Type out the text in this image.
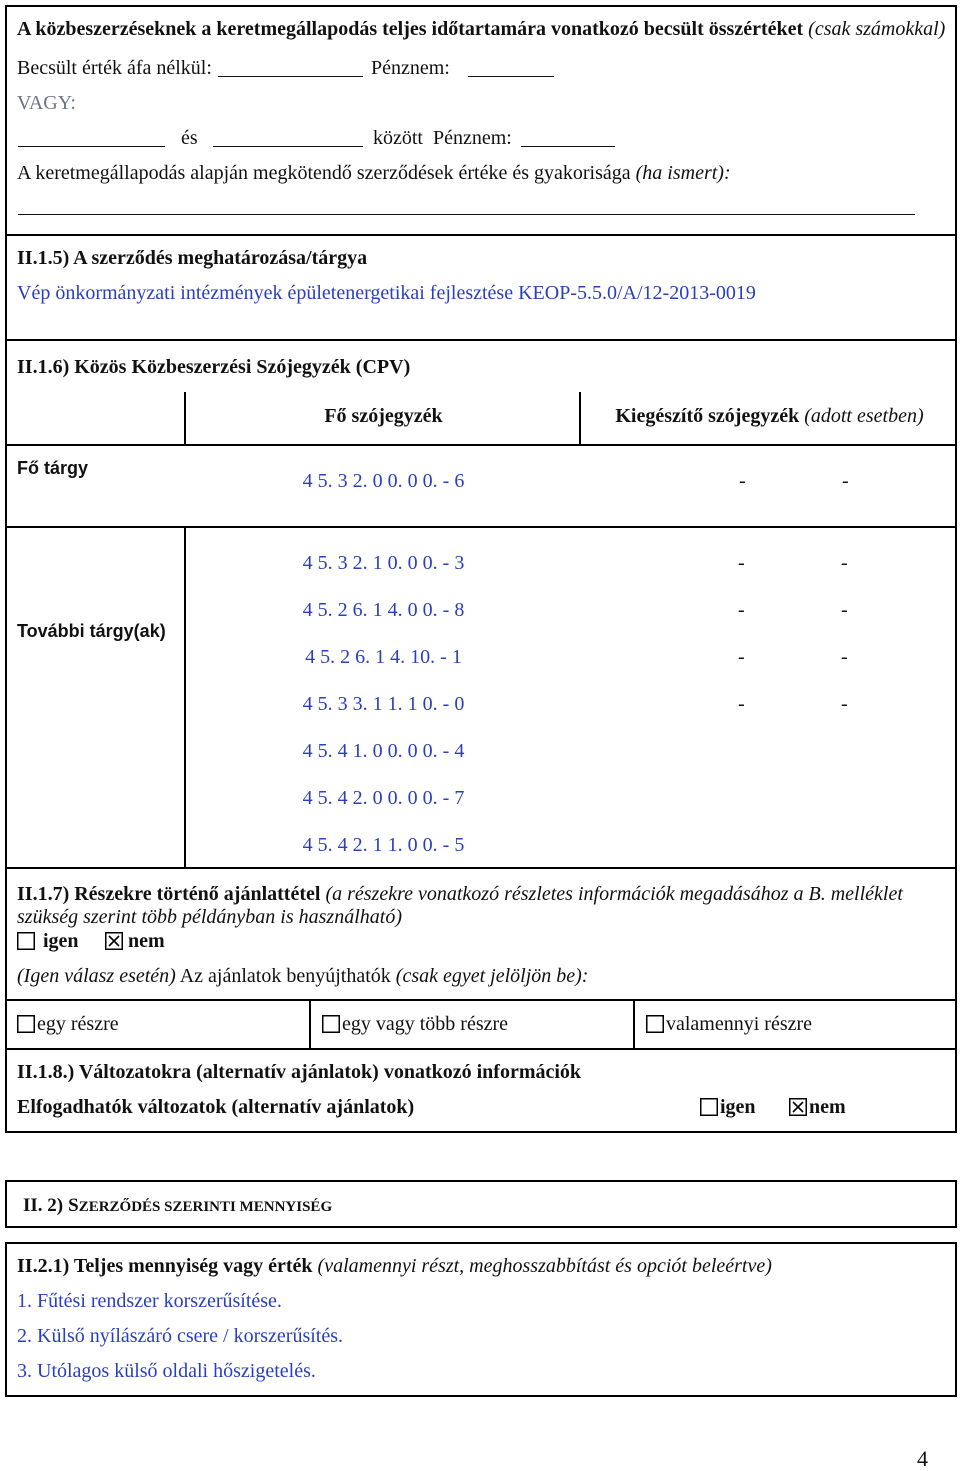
A közbeszerzéseknek a keretmegállapodás teljes időtartamára vonatkozó becsült összértéket (csak számokkal)
Becsült érték áfa nélkül:	Pénznem:
VAGY:
és	között Pénznem:
A keretmegállapodás alapján megkötendő szerződések értéke és gyakorisága (ha ismert):
II.1.5) A szerződés meghatározása/tárgya
Vép önkormányzati intézmények épületenergetikai fejlesztése KEOP-5.5.0/A/12-2013-0019
II.1.6) Közös Közbeszerzési Szójegyzék (CPV)
Fő szójegyzék	Kiegészítő szójegyzék (adott esetben)
Fő tárgy
4 5. 3 2. 0 0. 0 0. - 6	-	-
További tárgy(ak)
4 5. 3 2. 1 0. 0 0. - 3	-	-
4 5. 2 6. 1 4. 0 0. - 8	-	-
4 5. 2 6. 1 4. 10. - 1	-	-
4 5. 3 3. 1 1. 1 0. - 0	-	-
4 5. 4 1. 0 0. 0 0. - 4
4 5. 4 2. 0 0. 0 0. - 7
4 5. 4 2. 1 1. 0 0. - 5
II.1.7) Részekre történő ajánlattétel (a részekre vonatkozó részletes információk megadásához a B. melléklet szükség szerint több példányban is használható)
igen nem
(Igen válasz esetén) Az ajánlatok benyújthatók (csak egyet jelöljön be):
egy részre	egy vagy több részre	valamennyi részre
II.1.8.) Változatokra (alternatív ajánlatok) vonatkozó információk
Elfogadhatók változatok (alternatív ajánlatok)	igen	nem
II. 2) SZERZŐDÉS SZERINTI MENNYISÉG
II.2.1) Teljes mennyiség vagy érték (valamennyi részt, meghosszabbítást és opciót beleértve)
1. Fűtési rendszer korszerűsítése.
2. Külső nyílászáró csere / korszerűsítés.
3. Utólagos külső oldali hőszigetelés.
4
